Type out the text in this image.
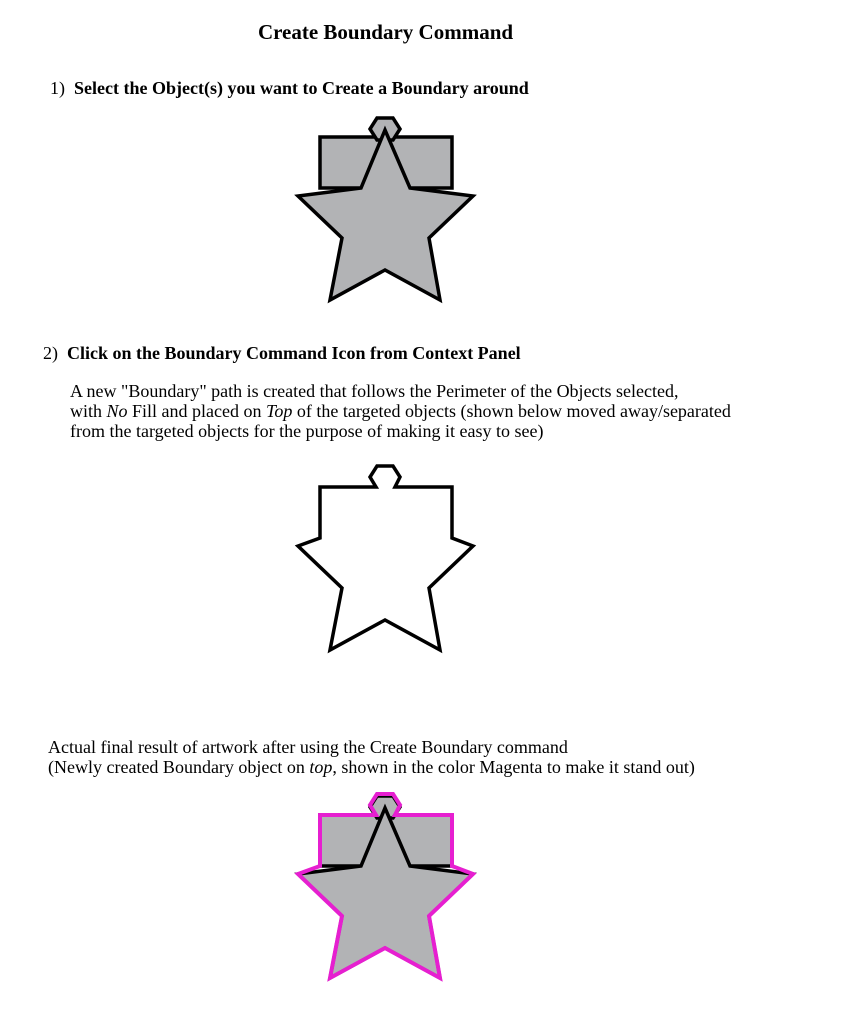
Create Boundary Command
1) Select the Object(s) you want to Create a Boundary around
2) Click on the Boundary Command Icon from Context Panel
A new "Boundary" path is created that follows the Perimeter of the Objects selected,
with No Fill and placed on Top of the targeted objects (shown below moved away/separated
from the targeted objects for the purpose of making it easy to see)
Actual final result of artwork after using the Create Boundary command
(Newly created Boundary object on top, shown in the color Magenta to make it stand out)
